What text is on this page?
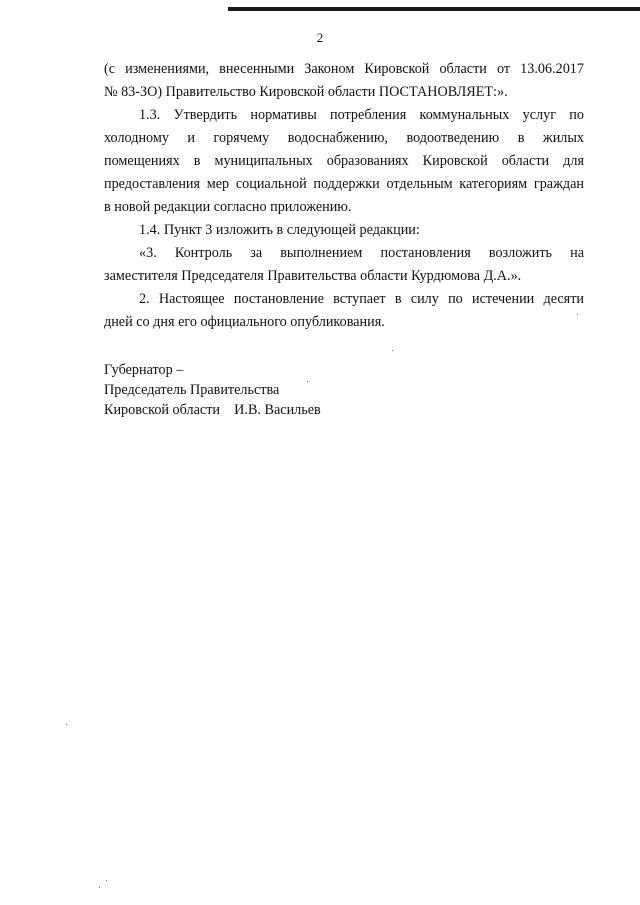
2
(с изменениями, внесенными Законом Кировской области от 13.06.2017
№ 83-ЗО) Правительство Кировской области ПОСТАНОВЛЯЕТ:».
1.3. Утвердить нормативы потребления коммунальных услуг по
холодному и горячему водоснабжению, водоотведению в жилых
помещениях в муниципальных образованиях Кировской области для
предоставления мер социальной поддержки отдельным категориям граждан
в новой редакции согласно приложению.
1.4. Пункт 3 изложить в следующей редакции:
«3. Контроль за выполнением постановления возложить на
заместителя Председателя Правительства области Курдюмова Д.А.».
2. Настоящее постановление вступает в силу по истечении десяти
дней со дня его официального опубликования.
Губернатор –
Председатель Правительства
Кировской области    И.В. Васильев
